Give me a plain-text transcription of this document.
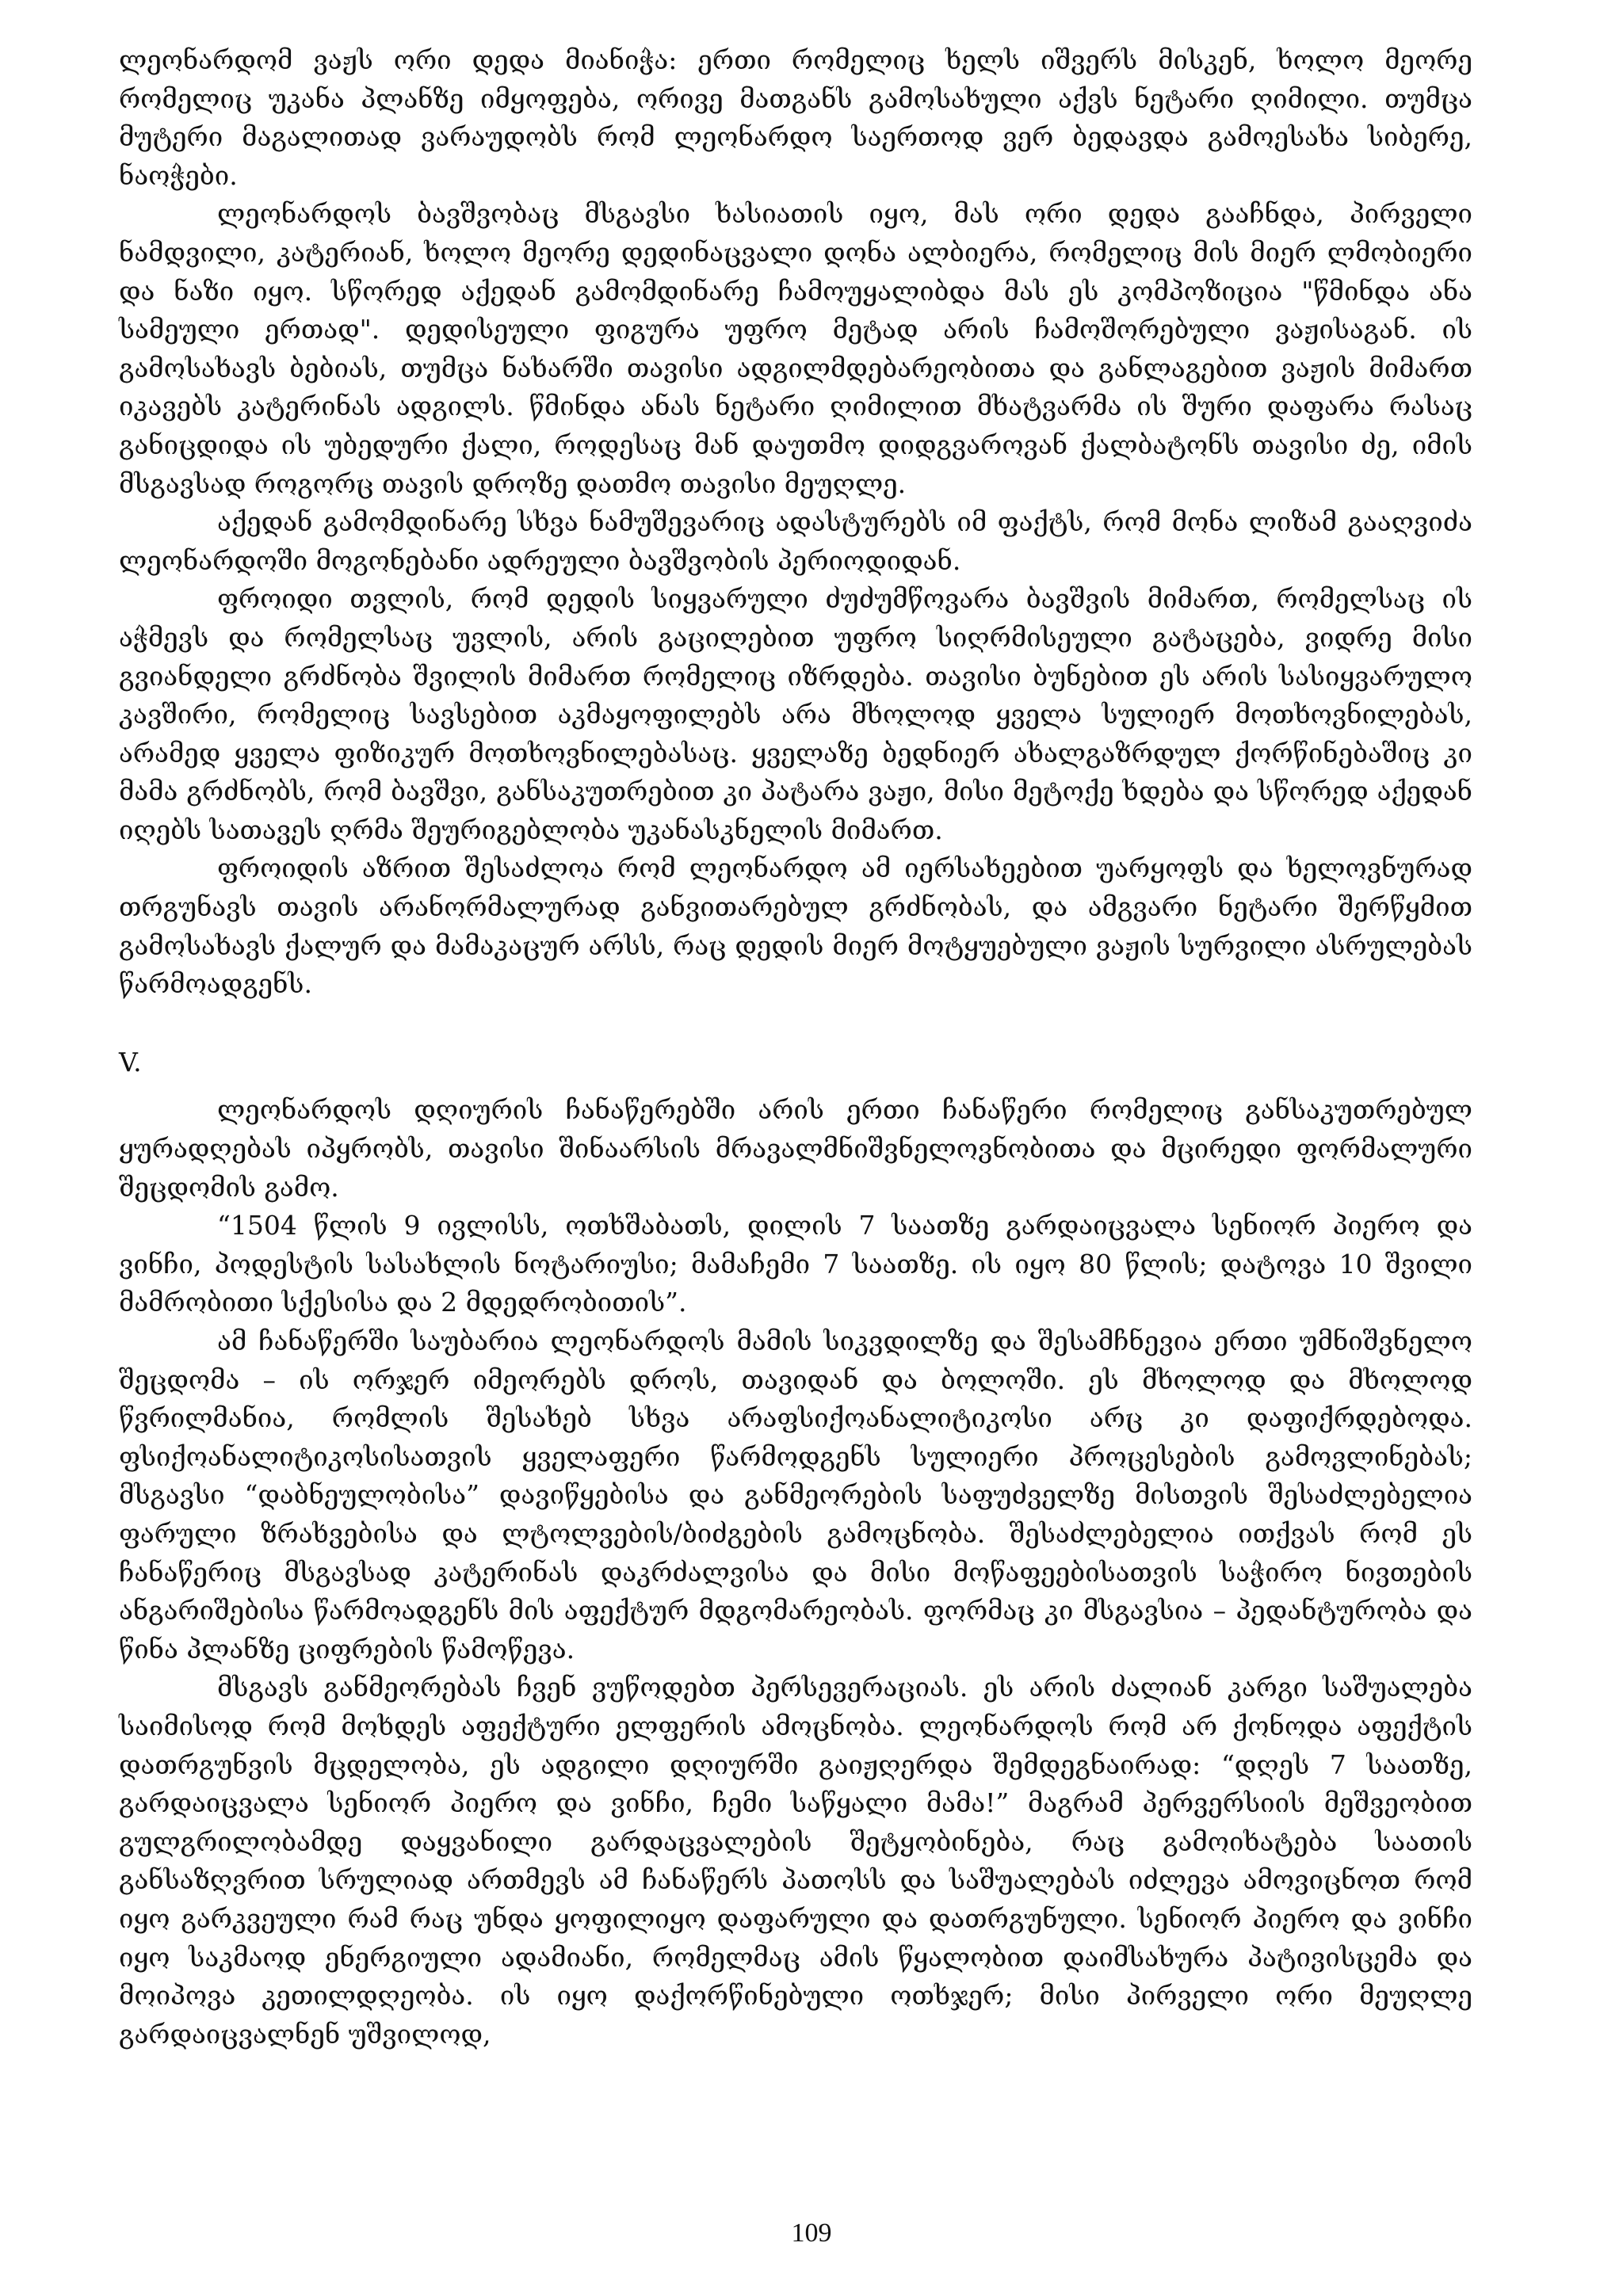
ლეონარდომ ვაჟს ორი დედა მიანიჭა: ერთი რომელიც ხელს იშვერს მისკენ, ხოლო მეორე რომელიც უკანა პლანზე იმყოფება, ორივე მათგანს გამოსახული აქვს ნეტარი ღიმილი. თუმცა მუტერი მაგალითად ვარაუდობს რომ ლეონარდო საერთოდ ვერ ბედავდა გამოესახა სიბერე, ნაოჭები.

ლეონარდოს ბავშვობაც მსგავსი ხასიათის იყო, მას ორი დედა გააჩნდა, პირველი ნამდვილი, კატერიან, ხოლო მეორე დედინაცვალი დონა ალბიერა, რომელიც მის მიერ ლმობიერი და ნაზი იყო. სწორედ აქედან გამომდინარე ჩამოუყალიბდა მას ეს კომპოზიცია "წმინდა ანა სამეული ერთად". დედისეული ფიგურა უფრო მეტად არის ჩამოშორებული ვაჟისაგან. ის გამოსახავს ბებიას, თუმცა ნახარში თავისი ადგილმდებარეობითა და განლაგებით ვაჟის მიმართ იკავებს კატერინას ადგილს. წმინდა ანას ნეტარი ღიმილით მხატვარმა ის შური დაფარა რასაც განიცდიდა ის უბედური ქალი, როდესაც მან დაუთმო დიდგვაროვან ქალბატონს თავისი ძე, იმის მსგავსად როგორც თავის დროზე დათმო თავისი მეუღლე.

აქედან გამომდინარე სხვა ნამუშევარიც ადასტურებს იმ ფაქტს, რომ მონა ლიზამ გააღვიძა ლეონარდოში მოგონებანი ადრეული ბავშვობის პერიოდიდან.

ფროიდი თვლის, რომ დედის სიყვარული ძუძუმწოვარა ბავშვის მიმართ, რომელსაც ის აჭმევს და რომელსაც უვლის, არის გაცილებით უფრო სიღრმისეული გატაცება, ვიდრე მისი გვიანდელი გრძნობა შვილის მიმართ რომელიც იზრდება. თავისი ბუნებით ეს არის სასიყვარულო კავშირი, რომელიც სავსებით აკმაყოფილებს არა მხოლოდ ყველა სულიერ მოთხოვნილებას, არამედ ყველა ფიზიკურ მოთხოვნილებასაც. ყველაზე ბედნიერ ახალგაზრდულ ქორწინებაშიც კი მამა გრძნობს, რომ ბავშვი, განსაკუთრებით კი პატარა ვაჟი, მისი მეტოქე ხდება და სწორედ აქედან იღებს სათავეს ღრმა შეურიგებლობა უკანასკნელის მიმართ.

ფროიდის აზრით შესაძლოა რომ ლეონარდო ამ იერსახეებით უარყოფს და ხელოვნურად თრგუნავს თავის არანორმალურად განვითარებულ გრძნობას, და ამგვარი ნეტარი შერწყმით გამოსახავს ქალურ და მამაკაცურ არსს, რაც დედის მიერ მოტყუებული ვაჟის სურვილი ასრულებას წარმოადგენს.

V.

ლეონარდოს დღიურის ჩანაწერებში არის ერთი ჩანაწერი რომელიც განსაკუთრებულ ყურადღებას იპყრობს, თავისი შინაარსის მრავალმნიშვნელოვნობითა და მცირედი ფორმალური შეცდომის გამო.

“1504 წლის 9 ივლისს, ოთხშაბათს, დილის 7 საათზე გარდაიცვალა სენიორ პიერო და ვინჩი, პოდესტის სასახლის ნოტარიუსი; მამაჩემი 7 საათზე. ის იყო 80 წლის; დატოვა 10 შვილი მამრობითი სქესისა და 2 მდედრობითის”.

ამ ჩანაწერში საუბარია ლეონარდოს მამის სიკვდილზე და შესამჩნევია ერთი უმნიშვნელო შეცდომა – ის ორჯერ იმეორებს დროს, თავიდან და ბოლოში. ეს მხოლოდ და მხოლოდ წვრილმანია, რომლის შესახებ სხვა არაფსიქოანალიტიკოსი არც კი დაფიქრდებოდა. ფსიქოანალიტიკოსისათვის ყველაფერი წარმოდგენს სულიერი პროცესების გამოვლინებას; მსგავსი “დაბნეულობისა” დავიწყებისა და განმეორების საფუძველზე მისთვის შესაძლებელია ფარული ზრახვებისა და ლტოლვების/ბიძგების გამოცნობა. შესაძლებელია ითქვას რომ ეს ჩანაწერიც მსგავსად კატერინას დაკრძალვისა და მისი მოწაფეებისათვის საჭირო ნივთების ანგარიშებისა წარმოადგენს მის აფექტურ მდგომარეობას. ფორმაც კი მსგავსია – პედანტურობა და წინა პლანზე ციფრების წამოწევა.

მსგავს განმეორებას ჩვენ ვუწოდებთ პერსევერაციას. ეს არის ძალიან კარგი საშუალება საიმისოდ რომ მოხდეს აფექტური ელფერის ამოცნობა. ლეონარდოს რომ არ ქონოდა აფექტის დათრგუნვის მცდელობა, ეს ადგილი დღიურში გაიჟღერდა შემდეგნაირად: “დღეს 7 საათზე, გარდაიცვალა სენიორ პიერო და ვინჩი, ჩემი საწყალი მამა!” მაგრამ პერვერსიის მეშვეობით გულგრილობამდე დაყვანილი გარდაცვალების შეტყობინება, რაც გამოიხატება საათის განსაზღვრით სრულიად ართმევს ამ ჩანაწერს პათოსს და საშუალებას იძლევა ამოვიცნოთ რომ იყო გარკვეული რამ რაც უნდა ყოფილიყო დაფარული და დათრგუნული. სენიორ პიერო და ვინჩი იყო საკმაოდ ენერგიული ადამიანი, რომელმაც ამის წყალობით დაიმსახურა პატივისცემა და მოიპოვა კეთილდღეობა. ის იყო დაქორწინებული ოთხჯერ; მისი პირველი ორი მეუღლე გარდაიცვალნენ უშვილოდ,

109
